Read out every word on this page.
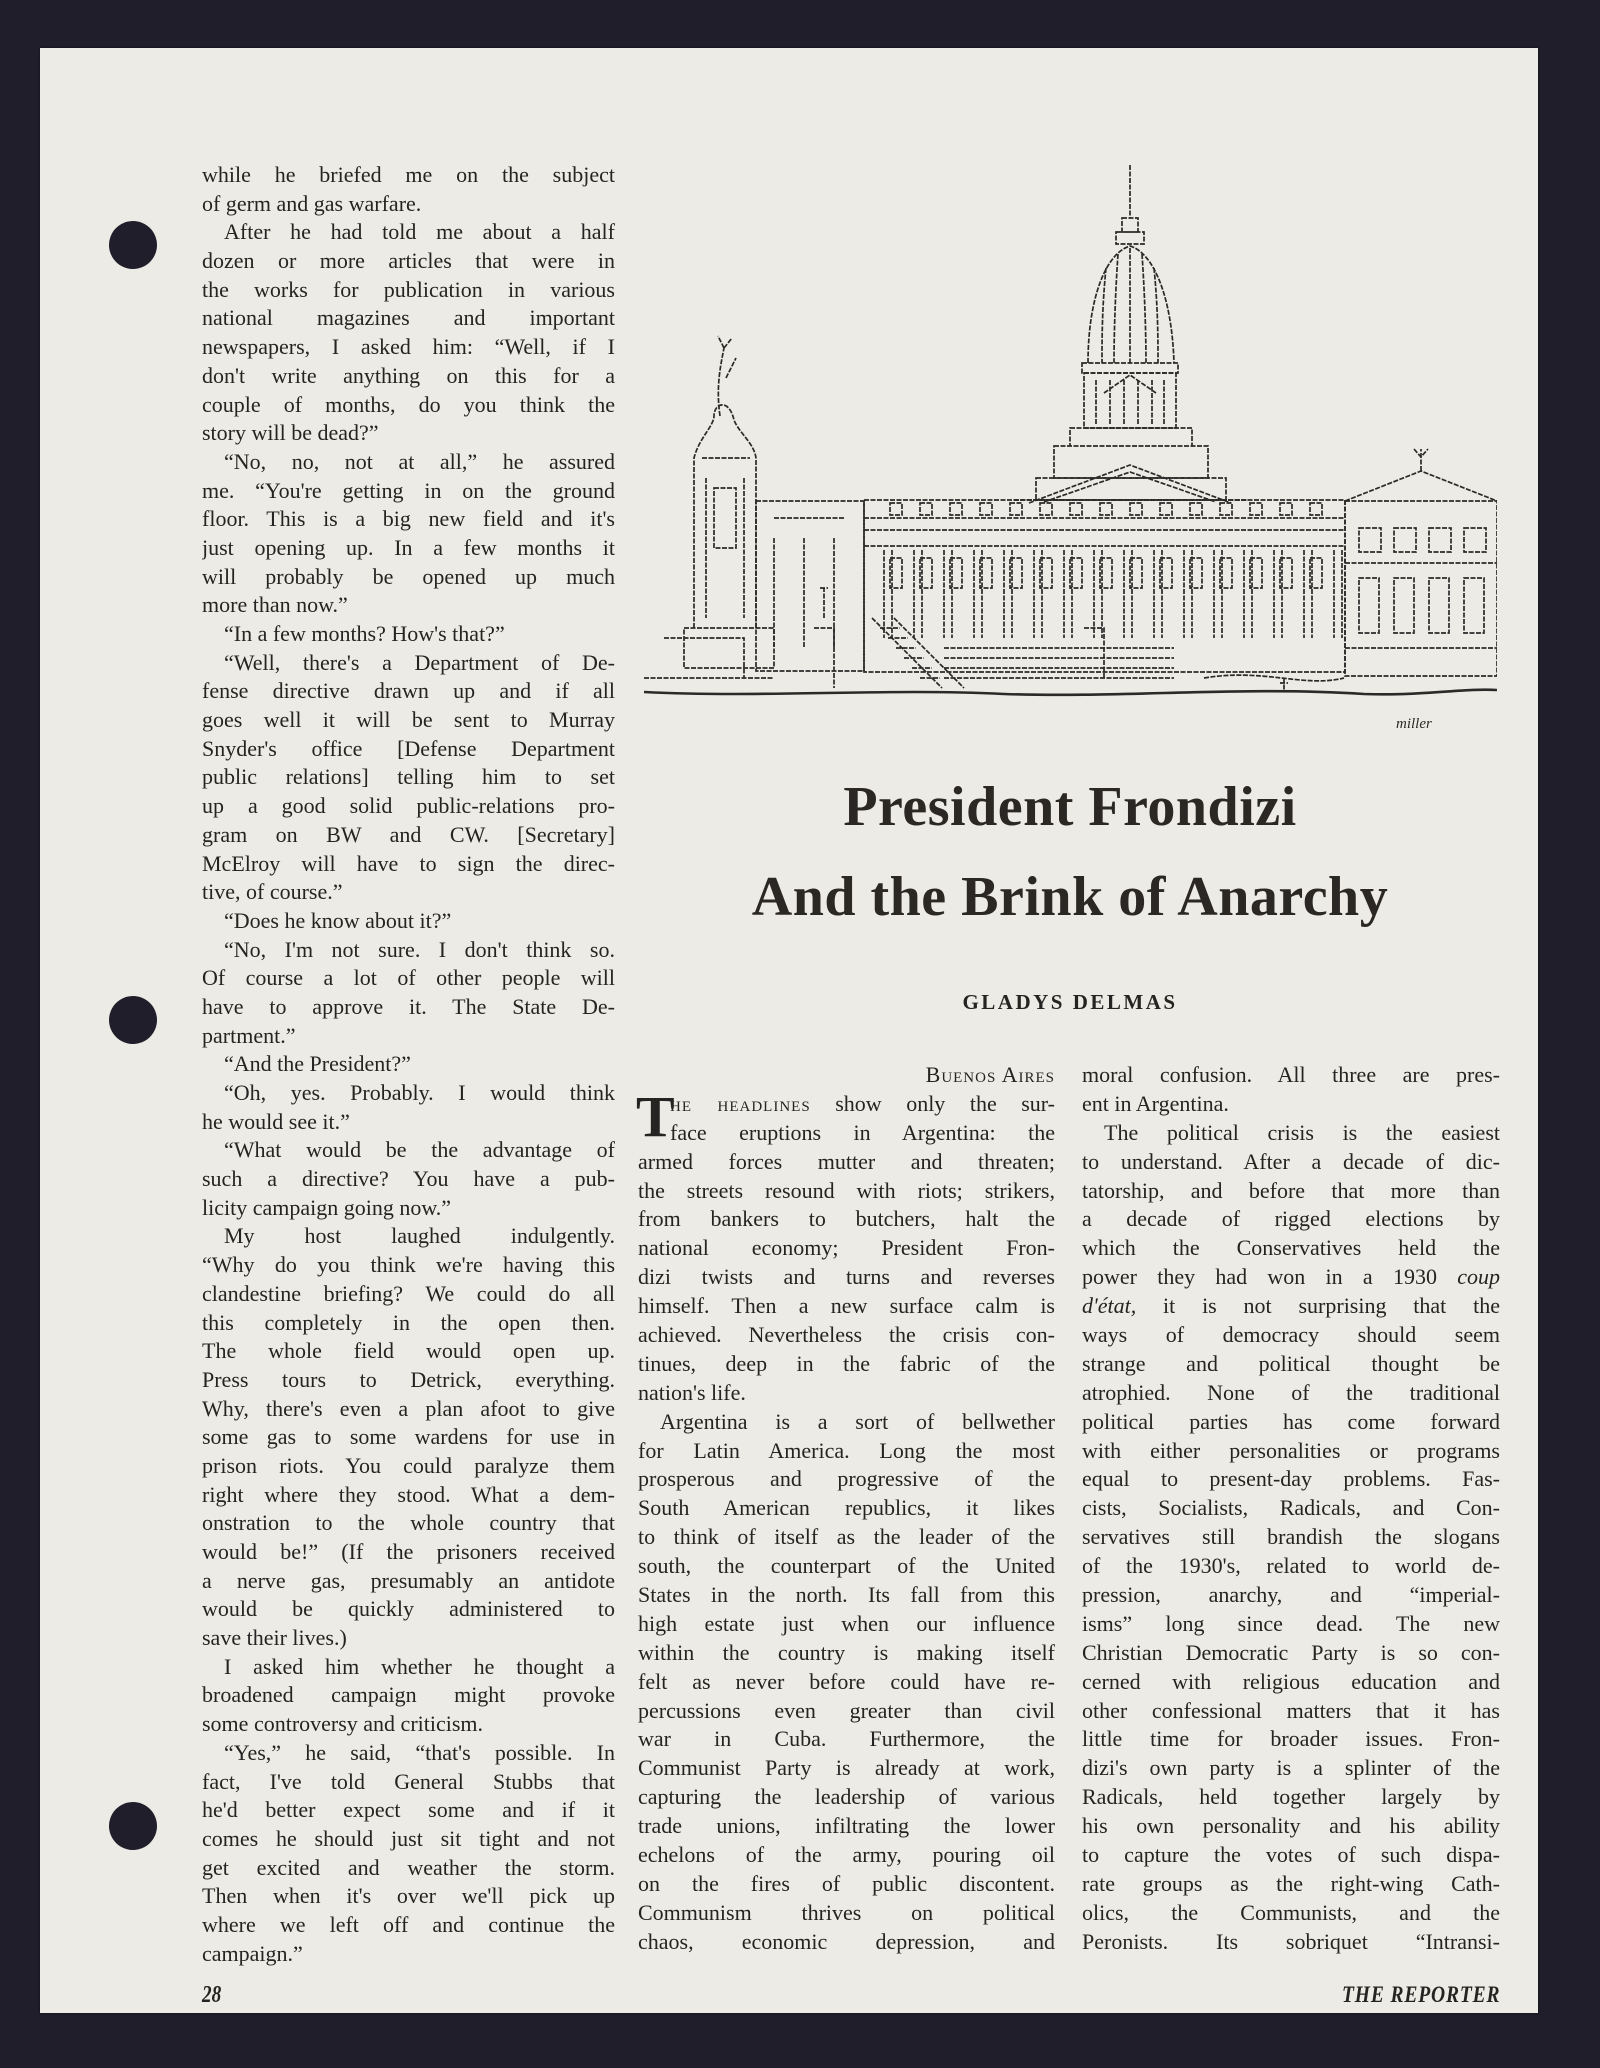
while he briefed me on the subject
of germ and gas warfare.
After he had told me about a half
dozen or more articles that were in
the works for publication in various
national magazines and important
newspapers, I asked him: “Well, if I
don't write anything on this for a
couple of months, do you think the
story will be dead?”
“No, no, not at all,” he assured
me. “You're getting in on the ground
floor. This is a big new field and it's
just opening up. In a few months it
will probably be opened up much
more than now.”
“In a few months? How's that?”
“Well, there's a Department of De-
fense directive drawn up and if all
goes well it will be sent to Murray
Snyder's office [Defense Department
public relations] telling him to set
up a good solid public-relations pro-
gram on BW and CW. [Secretary]
McElroy will have to sign the direc-
tive, of course.”
“Does he know about it?”
“No, I'm not sure. I don't think so.
Of course a lot of other people will
have to approve it. The State De-
partment.”
“And the President?”
“Oh, yes. Probably. I would think
he would see it.”
“What would be the advantage of
such a directive? You have a pub-
licity campaign going now.”
My host laughed indulgently.
“Why do you think we're having this
clandestine briefing? We could do all
this completely in the open then.
The whole field would open up.
Press tours to Detrick, everything.
Why, there's even a plan afoot to give
some gas to some wardens for use in
prison riots. You could paralyze them
right where they stood. What a dem-
onstration to the whole country that
would be!” (If the prisoners received
a nerve gas, presumably an antidote
would be quickly administered to
save their lives.)
I asked him whether he thought a
broadened campaign might provoke
some controversy and criticism.
“Yes,” he said, “that's possible. In
fact, I've told General Stubbs that
he'd better expect some and if it
comes he should just sit tight and not
get excited and weather the storm.
Then when it's over we'll pick up
where we left off and continue the
campaign.”
miller
President Frondizi
And the Brink of Anarchy
GLADYS DELMAS
Buenos Aires
T
he headlines show only the sur-
face eruptions in Argentina: the
armed forces mutter and threaten;
the streets resound with riots; strikers,
from bankers to butchers, halt the
national economy; President Fron-
dizi twists and turns and reverses
himself. Then a new surface calm is
achieved. Nevertheless the crisis con-
tinues, deep in the fabric of the
nation's life.
Argentina is a sort of bellwether
for Latin America. Long the most
prosperous and progressive of the
South American republics, it likes
to think of itself as the leader of the
south, the counterpart of the United
States in the north. Its fall from this
high estate just when our influence
within the country is making itself
felt as never before could have re-
percussions even greater than civil
war in Cuba. Furthermore, the
Communist Party is already at work,
capturing the leadership of various
trade unions, infiltrating the lower
echelons of the army, pouring oil
on the fires of public discontent.
Communism thrives on political
chaos, economic depression, and
moral confusion. All three are pres-
ent in Argentina.
The political crisis is the easiest
to understand. After a decade of dic-
tatorship, and before that more than
a decade of rigged elections by
which the Conservatives held the
power they had won in a 1930 coup
d'état, it is not surprising that the
ways of democracy should seem
strange and political thought be
atrophied. None of the traditional
political parties has come forward
with either personalities or programs
equal to present-day problems. Fas-
cists, Socialists, Radicals, and Con-
servatives still brandish the slogans
of the 1930's, related to world de-
pression, anarchy, and “imperial-
isms” long since dead. The new
Christian Democratic Party is so con-
cerned with religious education and
other confessional matters that it has
little time for broader issues. Fron-
dizi's own party is a splinter of the
Radicals, held together largely by
his own personality and his ability
to capture the votes of such dispa-
rate groups as the right-wing Cath-
olics, the Communists, and the
Peronists. Its sobriquet “Intransi-
28	THE REPORTER
